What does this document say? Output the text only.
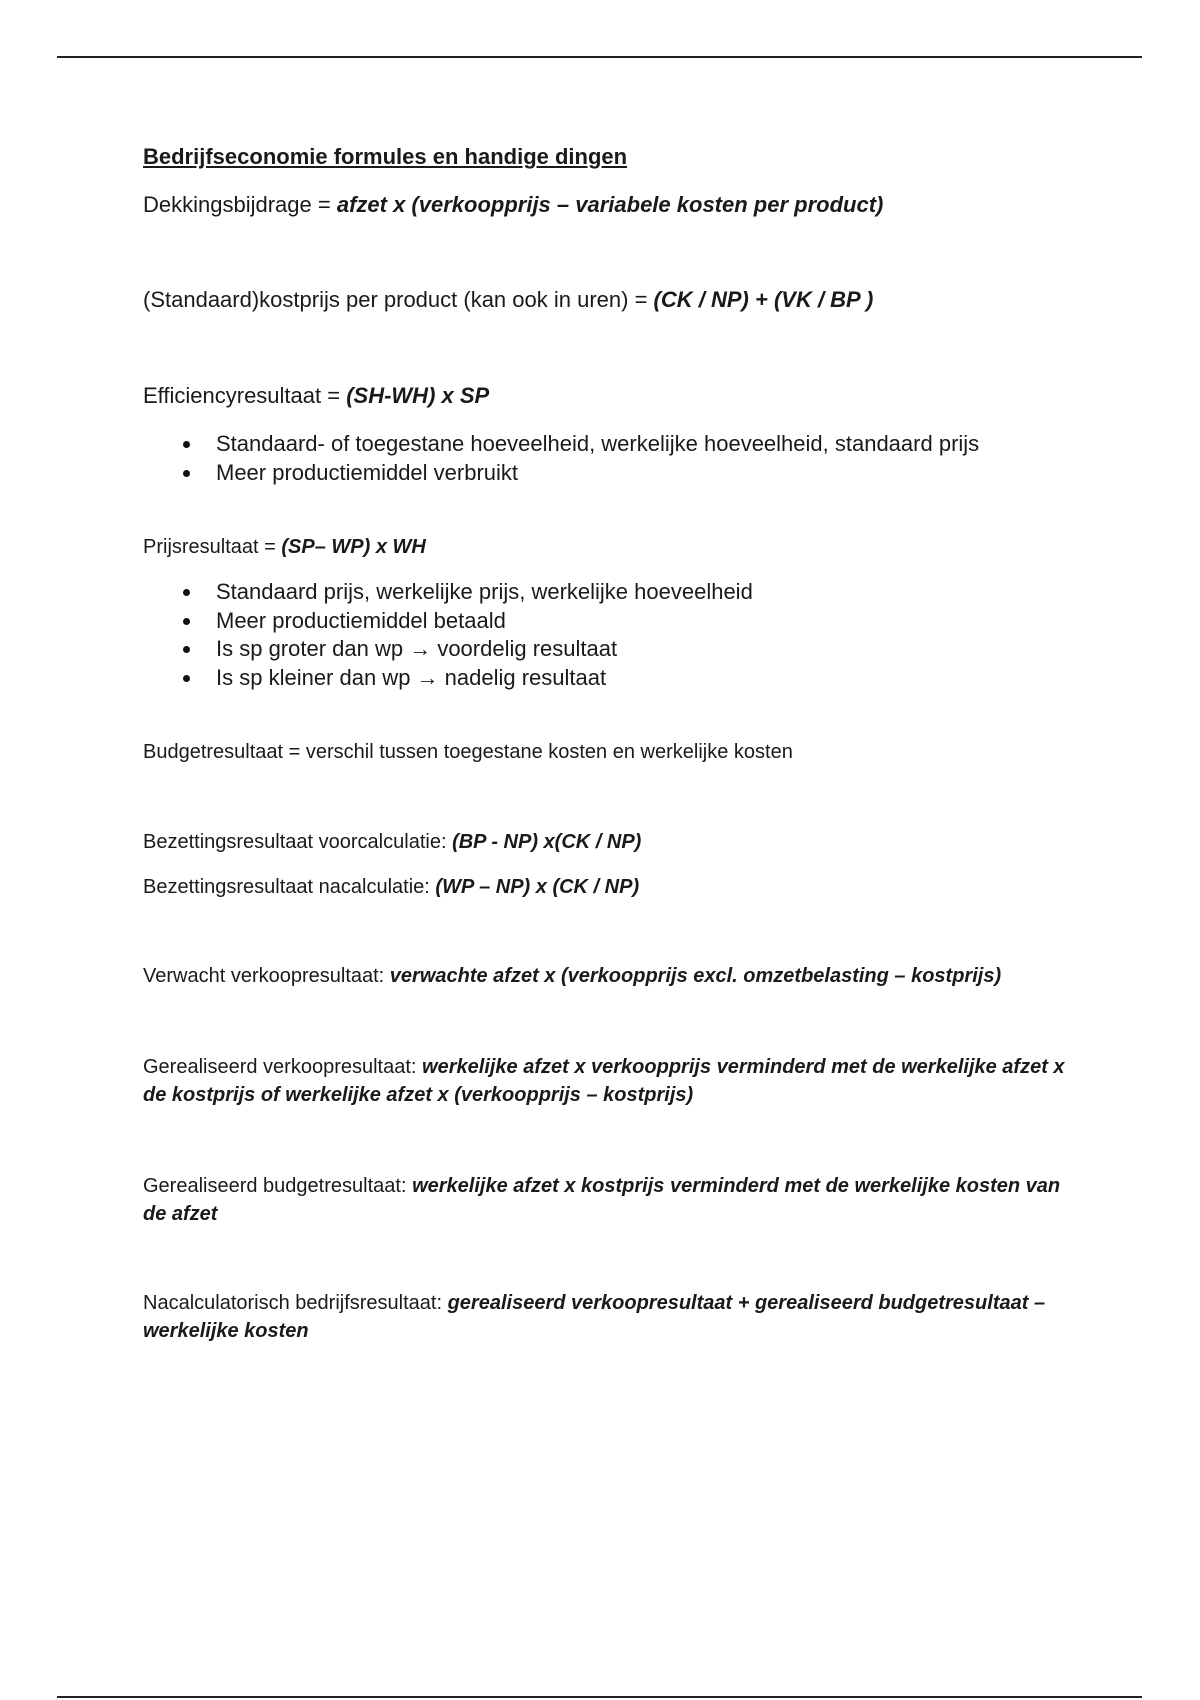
Bedrijfseconomie formules en handige dingen
Dekkingsbijdrage = afzet x (verkoopprijs – variabele kosten per product)
(Standaard)kostprijs per product (kan ook in uren) = (CK / NP) + (VK / BP )
Efficiencyresultaat = (SH-WH) x SP
Standaard- of toegestane hoeveelheid, werkelijke hoeveelheid, standaard prijs
Meer productiemiddel verbruikt
Prijsresultaat = (SP– WP) x WH
Standaard prijs, werkelijke prijs, werkelijke hoeveelheid
Meer productiemiddel betaald
Is sp groter dan wp → voordelig resultaat
Is sp kleiner dan wp → nadelig resultaat
Budgetresultaat = verschil tussen toegestane kosten en werkelijke kosten
Bezettingsresultaat voorcalculatie: (BP - NP) x(CK / NP)
Bezettingsresultaat nacalculatie: (WP – NP) x (CK / NP)
Verwacht verkoopresultaat: verwachte afzet x (verkoopprijs excl. omzetbelasting – kostprijs)
Gerealiseerd verkoopresultaat: werkelijke afzet x verkoopprijs verminderd met de werkelijke afzet x de kostprijs of werkelijke afzet x (verkoopprijs – kostprijs)
Gerealiseerd budgetresultaat: werkelijke afzet x kostprijs verminderd met de werkelijke kosten van de afzet
Nacalculatorisch bedrijfsresultaat: gerealiseerd verkoopresultaat + gerealiseerd budgetresultaat – werkelijke kosten
